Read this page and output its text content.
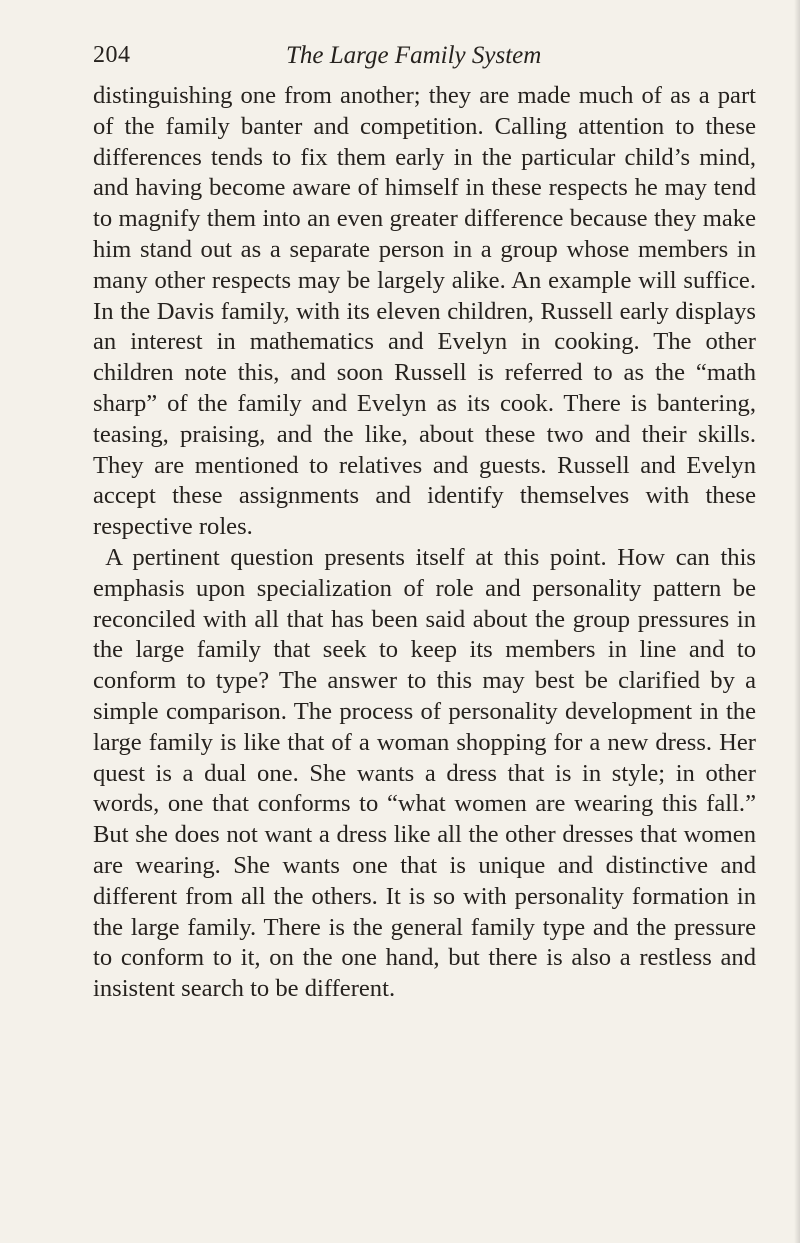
204	The Large Family System

distinguishing one from another; they are made much of as a part of the family banter and competition. Calling attention to these differences tends to fix them early in the particular child’s mind, and having become aware of himself in these respects he may tend to magnify them into an even greater difference because they make him stand out as a separate person in a group whose members in many other respects may be largely alike. An example will suffice. In the Davis family, with its eleven children, Russell early displays an interest in mathematics and Evelyn in cooking. The other children note this, and soon Russell is referred to as the “math sharp” of the family and Evelyn as its cook. There is bantering, teasing, praising, and the like, about these two and their skills. They are mentioned to relatives and guests. Russell and Evelyn accept these assignments and identify themselves with these respective roles.

A pertinent question presents itself at this point. How can this emphasis upon specialization of role and personality pattern be reconciled with all that has been said about the group pressures in the large family that seek to keep its members in line and to conform to type? The answer to this may best be clarified by a simple comparison. The process of personality development in the large family is like that of a woman shopping for a new dress. Her quest is a dual one. She wants a dress that is in style; in other words, one that conforms to “what women are wearing this fall.” But she does not want a dress like all the other dresses that women are wearing. She wants one that is unique and distinctive and different from all the others. It is so with personality formation in the large family. There is the general family type and the pressure to conform to it, on the one hand, but there is also a restless and insistent search to be different.
